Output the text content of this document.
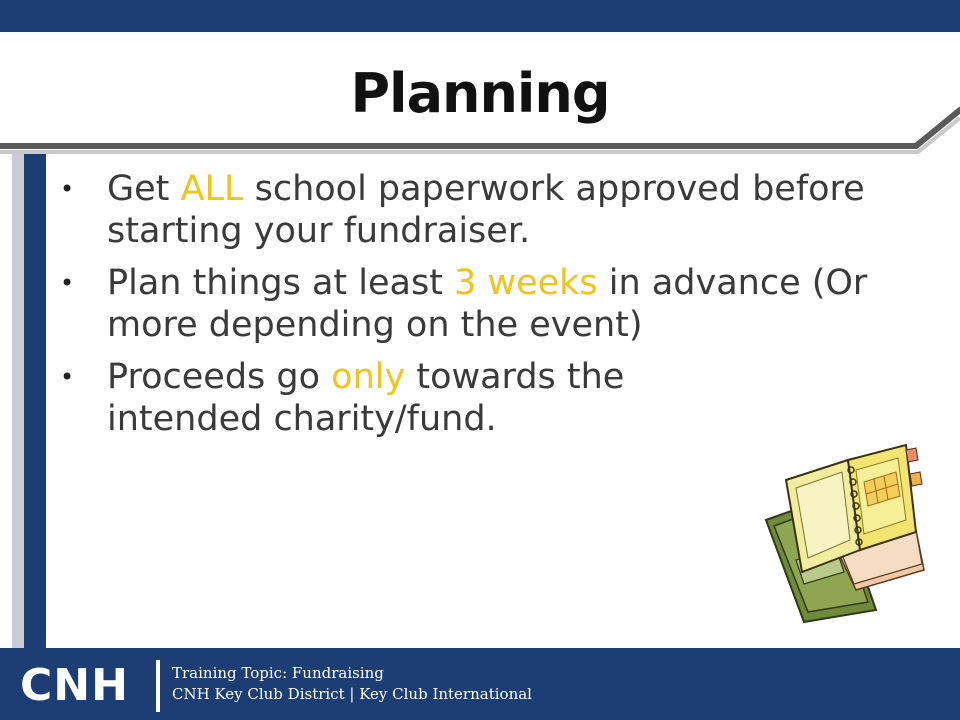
Planning
• Get ALL school paperwork approved before starting your fundraiser.
• Plan things at least 3 weeks in advance (Or more depending on the event)
• Proceeds go only towards the intended charity/fund.
CNH	Training Topic: Fundraising
CNH Key Club District | Key Club International
